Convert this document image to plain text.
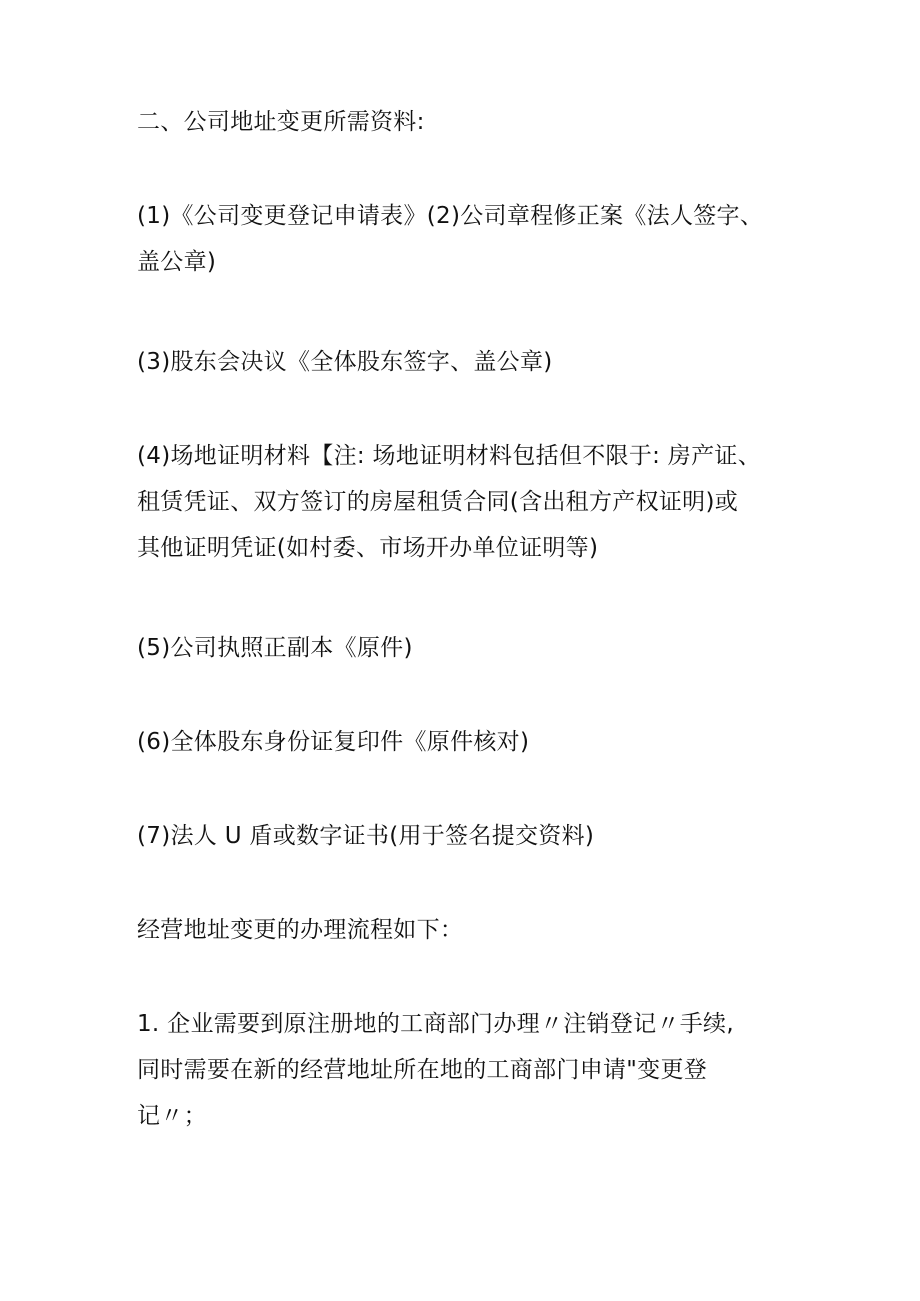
二、公司地址变更所需资料:

(1)《公司变更登记申请表》(2)公司章程修正案《法人签字、
盖公章)

(3)股东会决议《全体股东签字、盖公章)

(4)场地证明材料【注: 场地证明材料包括但不限于: 房产证、
租赁凭证、双方签订的房屋租赁合同(含出租方产权证明)或
其他证明凭证(如村委、市场开办单位证明等)

(5)公司执照正副本《原件)

(6)全体股东身份证复印件《原件核对)

(7)法人 U 盾或数字证书(用于签名提交资料)

经营地址变更的办理流程如下：

1. 企业需要到原注册地的工商部门办理〃注销登记〃手续,
同时需要在新的经营地址所在地的工商部门申请"变更登
记〃；
